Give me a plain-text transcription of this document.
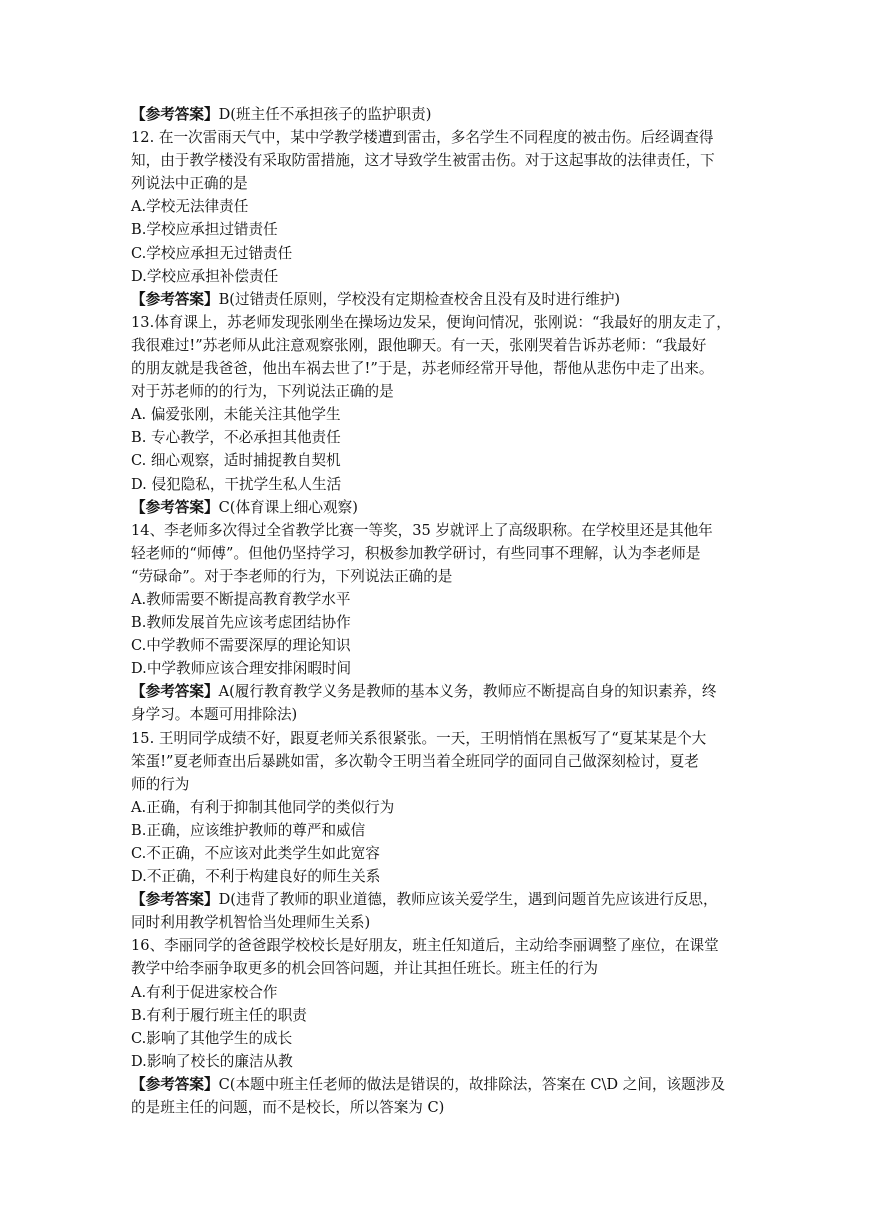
【参考答案】D(班主任不承担孩子的监护职责)
12. 在一次雷雨天气中，某中学教学楼遭到雷击，多名学生不同程度的被击伤。后经调查得
知，由于教学楼没有采取防雷措施，这才导致学生被雷击伤。对于这起事故的法律责任，下
列说法中正确的是
A.学校无法律责任
B.学校应承担过错责任
C.学校应承担无过错责任
D.学校应承担补偿责任
【参考答案】B(过错责任原则，学校没有定期检查校舍且没有及时进行维护)
13.体育课上，苏老师发现张刚坐在操场边发呆，便询问情况，张刚说：“我最好的朋友走了，
我很难过!”苏老师从此注意观察张刚，跟他聊天。有一天，张刚哭着告诉苏老师：“我最好
的朋友就是我爸爸，他出车祸去世了!”于是，苏老师经常开导他，帮他从悲伤中走了出来。
对于苏老师的的行为，下列说法正确的是
A. 偏爱张刚，未能关注其他学生
B. 专心教学，不必承担其他责任
C. 细心观察，适时捕捉教自契机
D. 侵犯隐私，干扰学生私人生活
【参考答案】C(体育课上细心观察)
14、李老师多次得过全省教学比赛一等奖，35 岁就评上了高级职称。在学校里还是其他年
轻老师的“师傅”。但他仍坚持学习，积极参加教学研讨，有些同事不理解，认为李老师是
“劳碌命”。对于李老师的行为，下列说法正确的是
A.教师需要不断提高教育教学水平
B.教师发展首先应该考虑团结协作
C.中学教师不需要深厚的理论知识
D.中学教师应该合理安排闲暇时间
【参考答案】A(履行教育教学义务是教师的基本义务，教师应不断提高自身的知识素养，终
身学习。本题可用排除法)
15. 王明同学成绩不好，跟夏老师关系很紧张。一天，王明悄悄在黑板写了“夏某某是个大
笨蛋!”夏老师查出后暴跳如雷，多次勒令王明当着全班同学的面同自己做深刻检讨，夏老
师的行为
A.正确，有利于抑制其他同学的类似行为
B.正确，应该维护教师的尊严和威信
C.不正确，不应该对此类学生如此宽容
D.不正确，不利于构建良好的师生关系
【参考答案】D(违背了教师的职业道德，教师应该关爱学生，遇到问题首先应该进行反思，
同时利用教学机智恰当处理师生关系)
16、李丽同学的爸爸跟学校校长是好朋友，班主任知道后，主动给李丽调整了座位，在课堂
教学中给李丽争取更多的机会回答问题，并让其担任班长。班主任的行为
A.有利于促进家校合作
B.有利于履行班主任的职责
C.影响了其他学生的成长
D.影响了校长的廉洁从教
【参考答案】C(本题中班主任老师的做法是错误的，故排除法，答案在 C\D 之间，该题涉及
的是班主任的问题，而不是校长，所以答案为 C)
